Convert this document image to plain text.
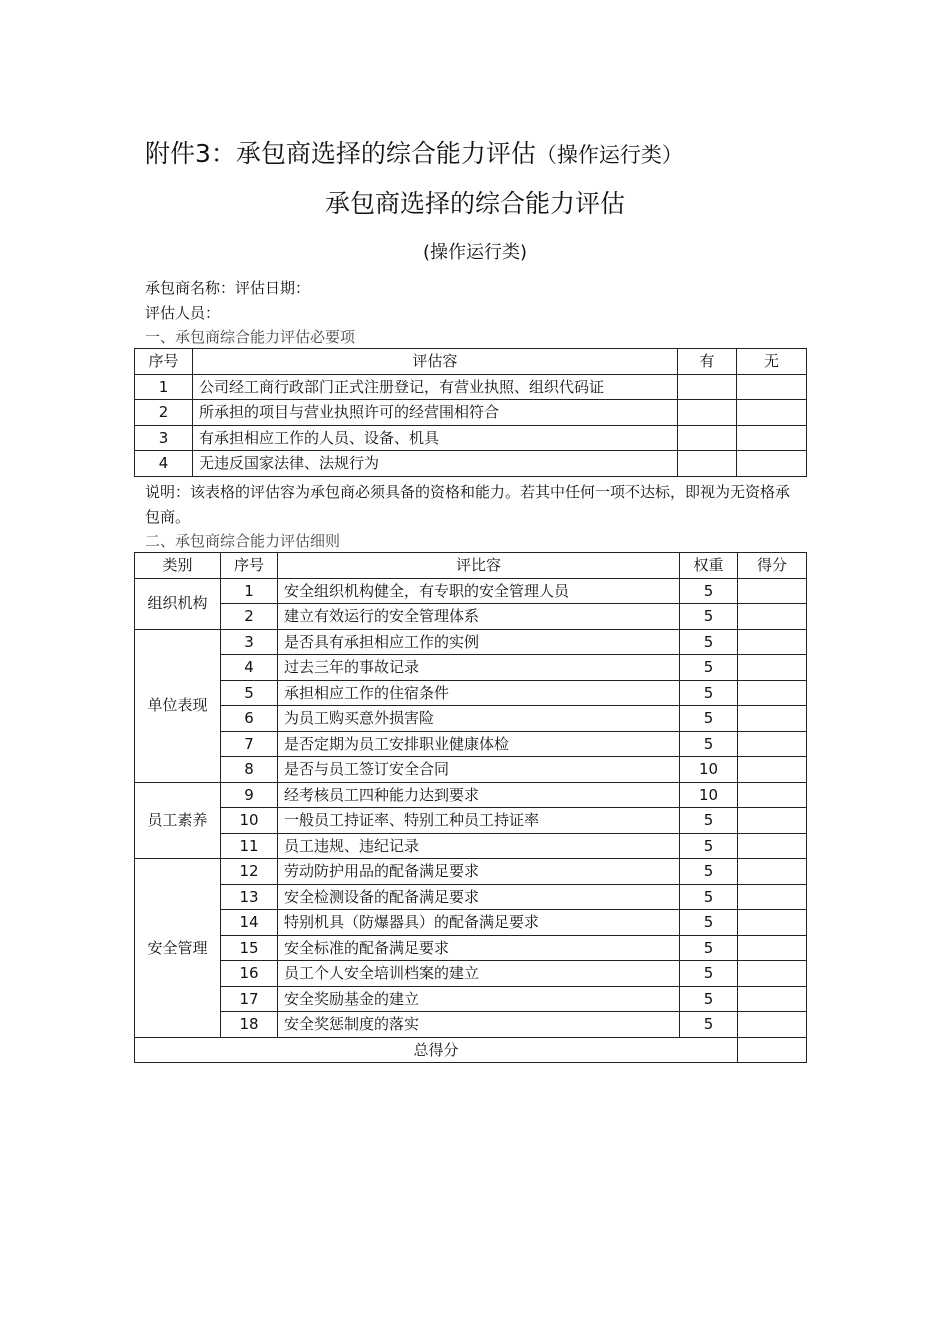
附件3：承包商选择的综合能力评估（操作运行类）
承包商选择的综合能力评估
(操作运行类)
承包商名称：评估日期：
评估人员：
一、承包商综合能力评估必要项
序号	评估容	有	无
1	公司经工商行政部门正式注册登记，有营业执照、组织代码证		
2	所承担的项目与营业执照许可的经营围相符合		
3	有承担相应工作的人员、设备、机具		
4	无违反国家法律、法规行为		
说明：该表格的评估容为承包商必须具备的资格和能力。若其中任何一项不达标，即视为无资格承包商。
二、承包商综合能力评估细则
类别	序号	评比容	权重	得分
组织机构	1	安全组织机构健全，有专职的安全管理人员	5	
	2	建立有效运行的安全管理体系	5	
单位表现	3	是否具有承担相应工作的实例	5	
	4	过去三年的事故记录	5	
	5	承担相应工作的住宿条件	5	
	6	为员工购买意外损害险	5	
	7	是否定期为员工安排职业健康体检	5	
	8	是否与员工签订安全合同	10	
员工素养	9	经考核员工四种能力达到要求	10	
	10	一般员工持证率、特别工种员工持证率	5	
	11	员工违规、违纪记录	5	
安全管理	12	劳动防护用品的配备满足要求	5	
	13	安全检测设备的配备满足要求	5	
	14	特别机具（防爆器具）的配备满足要求	5	
	15	安全标准的配备满足要求	5	
	16	员工个人安全培训档案的建立	5	
	17	安全奖励基金的建立	5	
	18	安全奖惩制度的落实	5	
总得分				
